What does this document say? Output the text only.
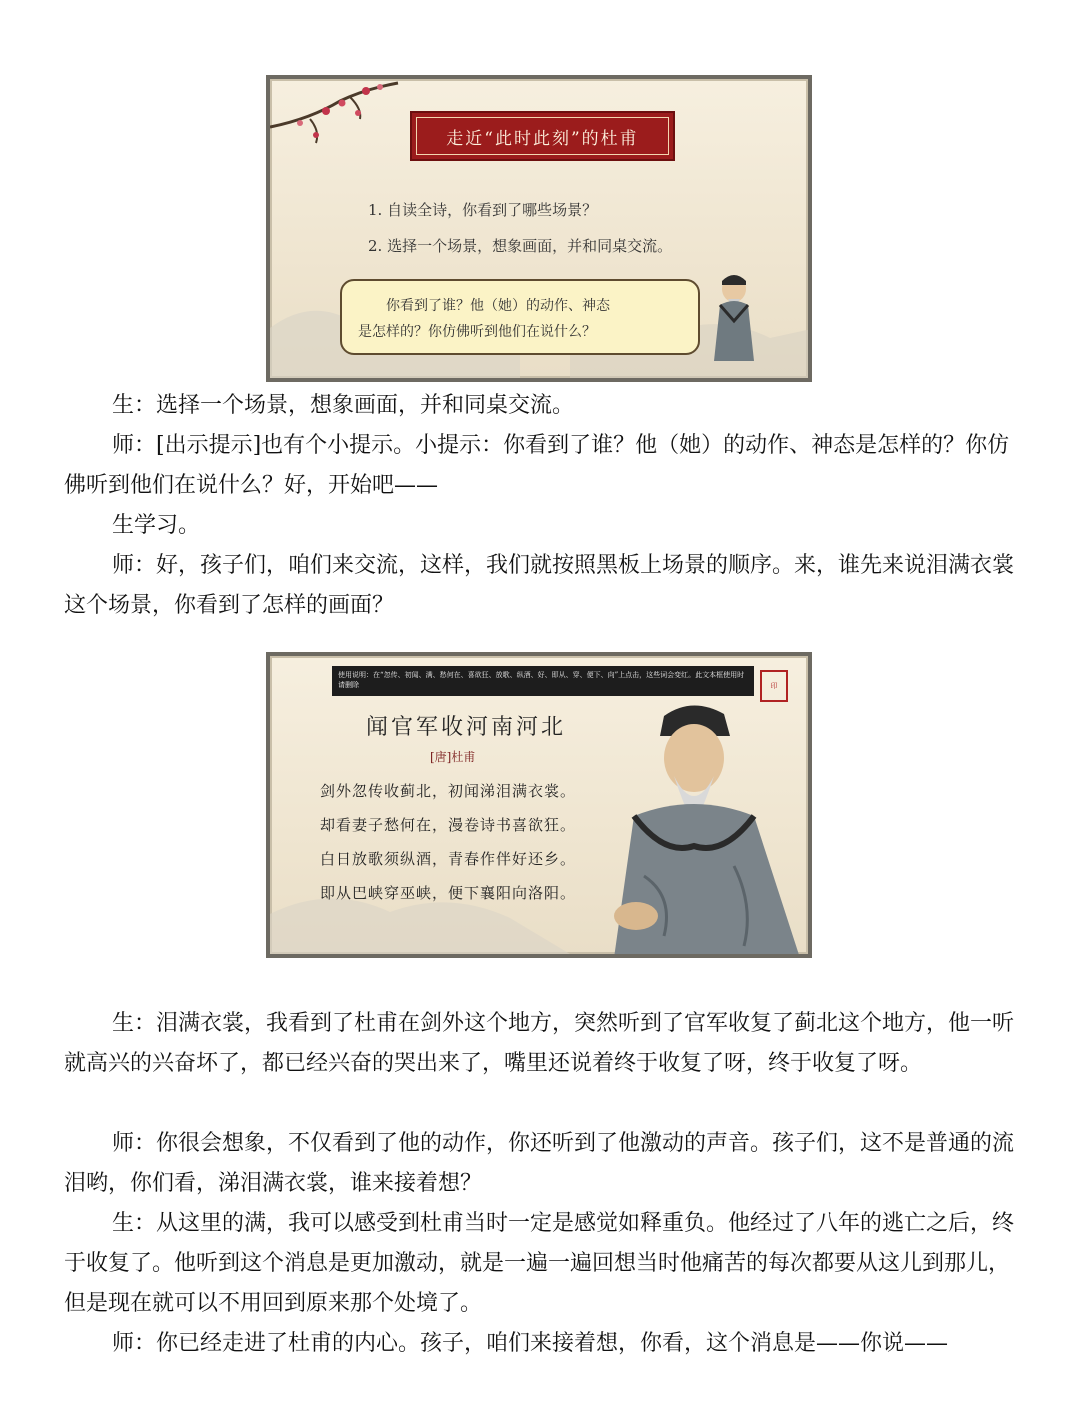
走近“此时此刻”的杜甫
1. 自读全诗，你看到了哪些场景？
2. 选择一个场景，想象画面，并和同桌交流。
你看到了谁？他（她）的动作、神态
是怎样的？你仿佛听到他们在说什么？

生：选择一个场景，想象画面，并和同桌交流。

师：[出示提示]也有个小提示。小提示：你看到了谁？他（她）的动作、神态是怎样的？你仿佛听到他们在说什么？好，开始吧——

生学习。

师：好，孩子们，咱们来交流，这样，我们就按照黑板上场景的顺序。来，谁先来说泪满衣裳这个场景，你看到了怎样的画面？

使用说明：在“忽传、初闻、满、愁何在、喜欲狂、放歌、纵酒、好、即从、穿、便下、向”上点击，这些词会变红。此文本框使用时请删除	印
闻官军收河南河北
[唐]杜甫
剑外忽传收蓟北，初闻涕泪满衣裳。
却看妻子愁何在，漫卷诗书喜欲狂。
白日放歌须纵酒，青春作伴好还乡。
即从巴峡穿巫峡，便下襄阳向洛阳。

生：泪满衣裳，我看到了杜甫在剑外这个地方，突然听到了官军收复了蓟北这个地方，他一听就高兴的兴奋坏了，都已经兴奋的哭出来了，嘴里还说着终于收复了呀，终于收复了呀。

师：你很会想象，不仅看到了他的动作，你还听到了他激动的声音。孩子们，这不是普通的流泪哟，你们看，涕泪满衣裳，谁来接着想？

生：从这里的满，我可以感受到杜甫当时一定是感觉如释重负。他经过了八年的逃亡之后，终于收复了。他听到这个消息是更加激动，就是一遍一遍回想当时他痛苦的每次都要从这儿到那儿，但是现在就可以不用回到原来那个处境了。

师：你已经走进了杜甫的内心。孩子，咱们来接着想，你看，这个消息是——你说——
